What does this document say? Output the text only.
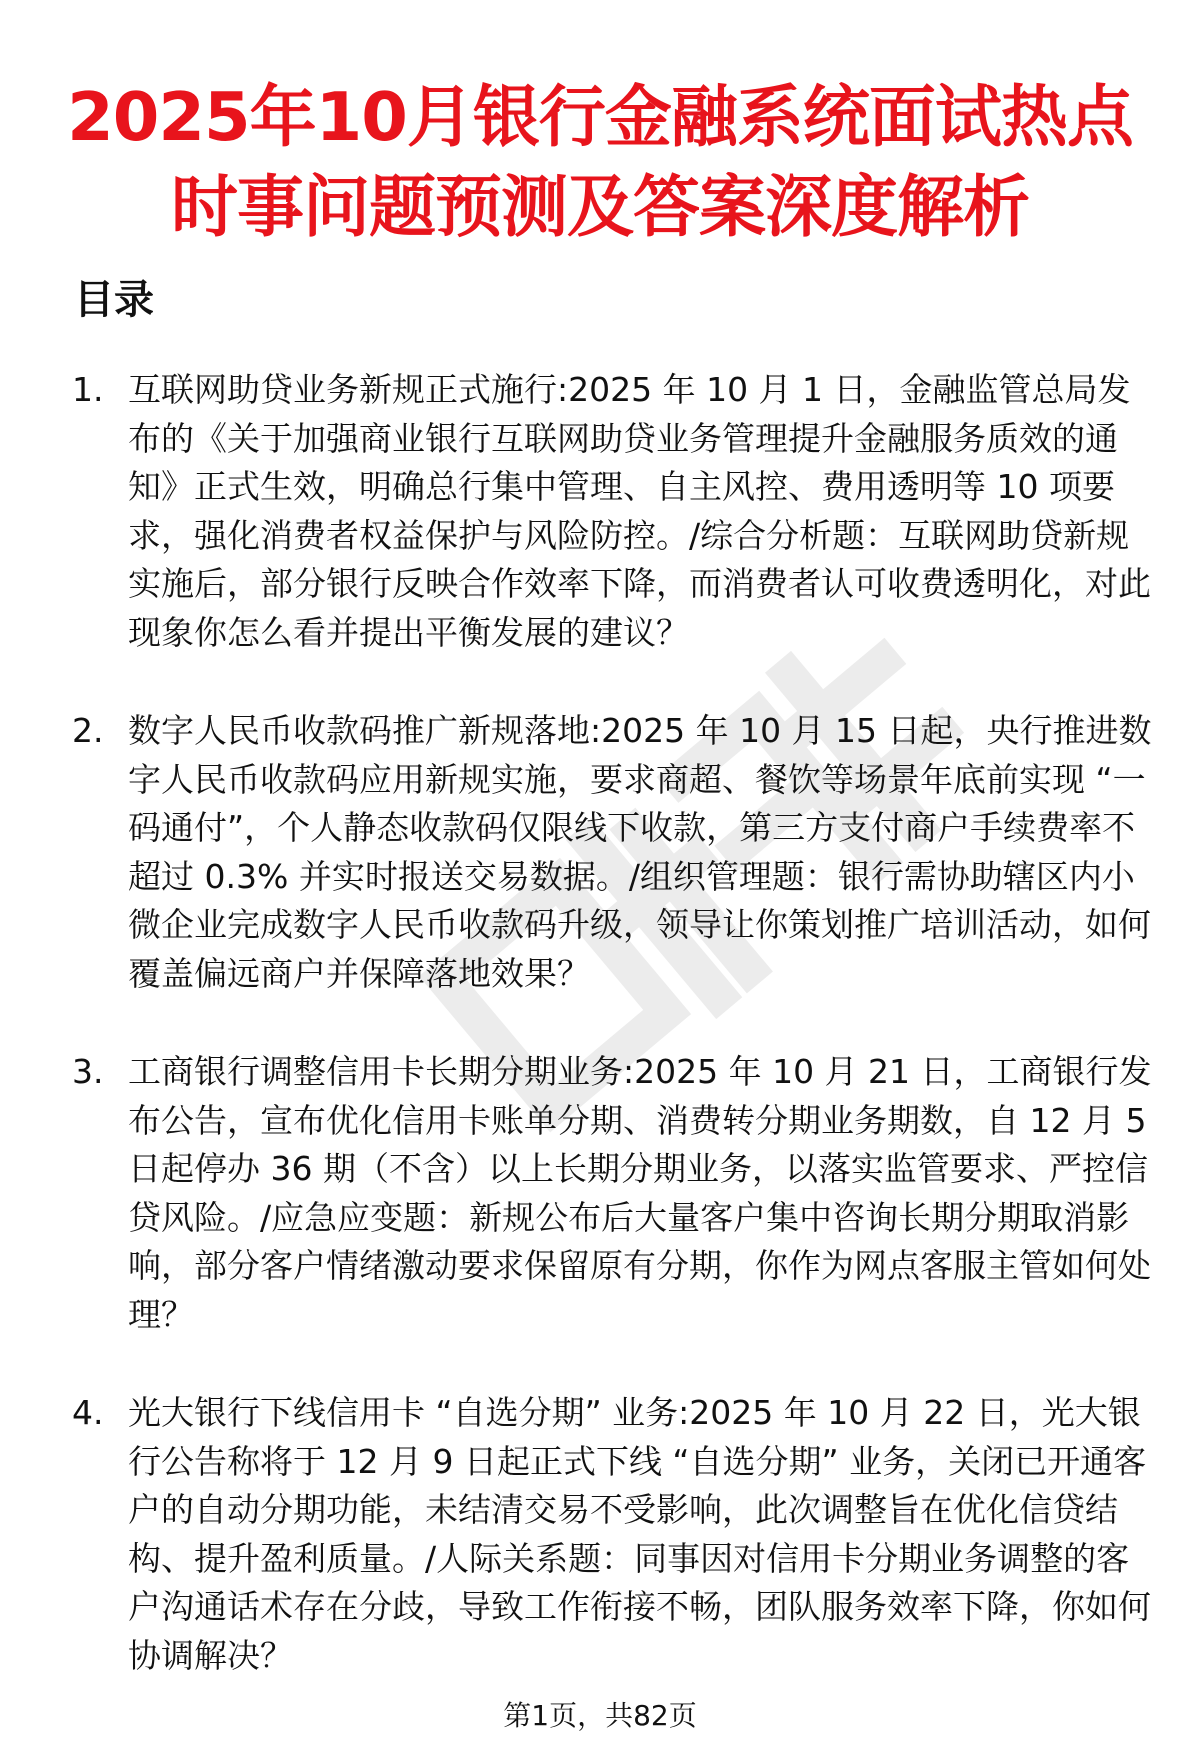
2025年10月银行金融系统面试热点
时事问题预测及答案深度解析
目录
1. 互联网助贷业务新规正式施行:2025 年 10 月 1 日，金融监管总局发布的《关于加强商业银行互联网助贷业务管理提升金融服务质效的通知》正式生效，明确总行集中管理、自主风控、费用透明等 10 项要求，强化消费者权益保护与风险防控。/综合分析题：互联网助贷新规实施后，部分银行反映合作效率下降，而消费者认可收费透明化，对此现象你怎么看并提出平衡发展的建议？
2. 数字人民币收款码推广新规落地:2025 年 10 月 15 日起，央行推进数字人民币收款码应用新规实施，要求商超、餐饮等场景年底前实现 “一码通付”，个人静态收款码仅限线下收款，第三方支付商户手续费率不超过 0.3% 并实时报送交易数据。/组织管理题：银行需协助辖区内小微企业完成数字人民币收款码升级，领导让你策划推广培训活动，如何覆盖偏远商户并保障落地效果？
3. 工商银行调整信用卡长期分期业务:2025 年 10 月 21 日，工商银行发布公告，宣布优化信用卡账单分期、消费转分期业务期数，自 12 月 5 日起停办 36 期（不含）以上长期分期业务，以落实监管要求、严控信贷风险。/应急应变题：新规公布后大量客户集中咨询长期分期取消影响，部分客户情绪激动要求保留原有分期，你作为网点客服主管如何处理？
4. 光大银行下线信用卡 “自选分期” 业务:2025 年 10 月 22 日，光大银行公告称将于 12 月 9 日起正式下线 “自选分期” 业务，关闭已开通客户的自动分期功能，未结清交易不受影响，此次调整旨在优化信贷结构、提升盈利质量。/人际关系题：同事因对信用卡分期业务调整的客户沟通话术存在分歧，导致工作衔接不畅，团队服务效率下降，你如何协调解决？
第1页，共82页
